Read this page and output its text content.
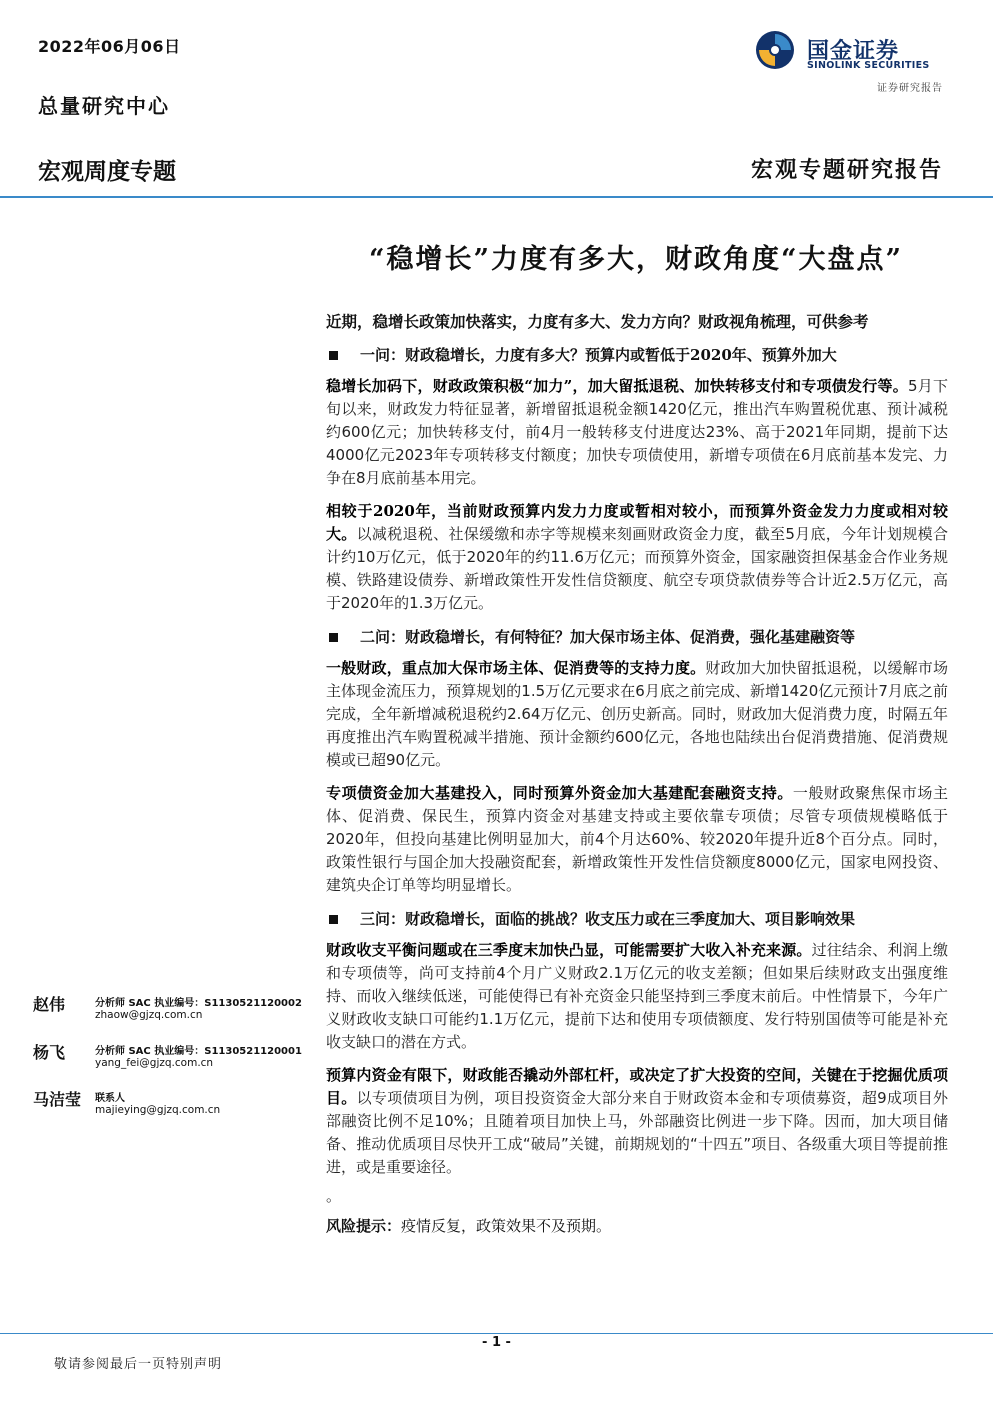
2022年06月06日
总量研究中心
国金证券
SINOLINK SECURITIES
证券研究报告
宏观周度专题	宏观专题研究报告
“稳增长”力度有多大，财政角度“大盘点”
近期，稳增长政策加快落实，力度有多大、发力方向？财政视角梳理，可供参考
一问：财政稳增长，力度有多大？预算内或暂低于2020年、预算外加大
稳增长加码下，财政政策积极“加力”，加大留抵退税、加快转移支付和专项债发行等。5月下旬以来，财政发力特征显著，新增留抵退税金额1420亿元，推出汽车购置税优惠、预计减税约600亿元；加快转移支付，前4月一般转移支付进度达23%、高于2021年同期，提前下达4000亿元2023年专项转移支付额度；加快专项债使用，新增专项债在6月底前基本发完、力争在8月底前基本用完。
相较于2020年，当前财政预算内发力力度或暂相对较小，而预算外资金发力力度或相对较大。以减税退税、社保缓缴和赤字等规模来刻画财政资金力度，截至5月底，今年计划规模合计约10万亿元，低于2020年的约11.6万亿元；而预算外资金，国家融资担保基金合作业务规模、铁路建设债券、新增政策性开发性信贷额度、航空专项贷款债券等合计近2.5万亿元，高于2020年的1.3万亿元。
二问：财政稳增长，有何特征？加大保市场主体、促消费，强化基建融资等
一般财政，重点加大保市场主体、促消费等的支持力度。财政加大加快留抵退税，以缓解市场主体现金流压力，预算规划的1.5万亿元要求在6月底之前完成、新增1420亿元预计7月底之前完成，全年新增减税退税约2.64万亿元、创历史新高。同时，财政加大促消费力度，时隔五年再度推出汽车购置税减半措施、预计金额约600亿元，各地也陆续出台促消费措施、促消费规模或已超90亿元。
专项债资金加大基建投入，同时预算外资金加大基建配套融资支持。一般财政聚焦保市场主体、促消费、保民生，预算内资金对基建支持或主要依靠专项债；尽管专项债规模略低于2020年，但投向基建比例明显加大，前4个月达60%、较2020年提升近8个百分点。同时，政策性银行与国企加大投融资配套，新增政策性开发性信贷额度8000亿元，国家电网投资、建筑央企订单等均明显增长。
三问：财政稳增长，面临的挑战？收支压力或在三季度加大、项目影响效果
财政收支平衡问题或在三季度末加快凸显，可能需要扩大收入补充来源。过往结余、利润上缴和专项债等，尚可支持前4个月广义财政2.1万亿元的收支差额；但如果后续财政支出强度维持、而收入继续低迷，可能使得已有补充资金只能坚持到三季度末前后。中性情景下，今年广义财政收支缺口可能约1.1万亿元，提前下达和使用专项债额度、发行特别国债等可能是补充收支缺口的潜在方式。
预算内资金有限下，财政能否撬动外部杠杆，或决定了扩大投资的空间，关键在于挖掘优质项目。以专项债项目为例，项目投资资金大部分来自于财政资本金和专项债募资，超9成项目外部融资比例不足10%；且随着项目加快上马，外部融资比例进一步下降。因而，加大项目储备、推动优质项目尽快开工成“破局”关键，前期规划的“十四五”项目、各级重大项目等提前推进，或是重要途径。
。
风险提示：疫情反复，政策效果不及预期。
赵伟	分析师 SAC 执业编号：S1130521120002
zhaow@gjzq.com.cn
杨飞	分析师 SAC 执业编号：S1130521120001
yang_fei@gjzq.com.cn
马洁莹 联系人
majieying@gjzq.com.cn
- 1 -
敬请参阅最后一页特别声明
